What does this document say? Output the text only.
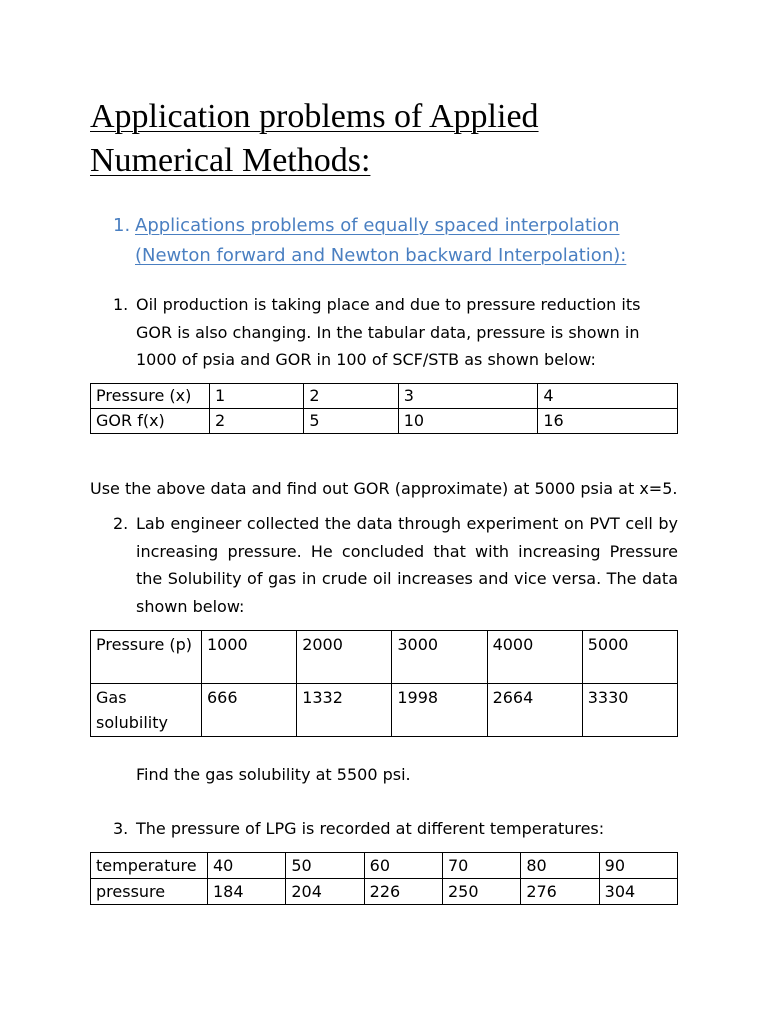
Application problems of Applied
Numerical Methods:
1. Applications problems of equally spaced interpolation (Newton forward and Newton backward Interpolation):

1. Oil production is taking place and due to pressure reduction its GOR is also changing. In the tabular data, pressure is shown in 1000 of psia and GOR in 100 of SCF/STB as shown below:

Pressure (x)	1	2	3	4
GOR f(x)	2	5	10	16

Use the above data and find out GOR (approximate) at 5000 psia at x=5.

2. Lab engineer collected the data through experiment on PVT cell by increasing pressure. He concluded that with increasing Pressure the Solubility of gas in crude oil increases and vice versa. The data shown below:

Pressure (p)	1000	2000	3000	4000	5000
Gas solubility	666	1332	1998	2664	3330

Find the gas solubility at 5500 psi.

3. The pressure of LPG is recorded at different temperatures:

temperature	40	50	60	70	80	90
pressure	184	204	226	250	276	304
